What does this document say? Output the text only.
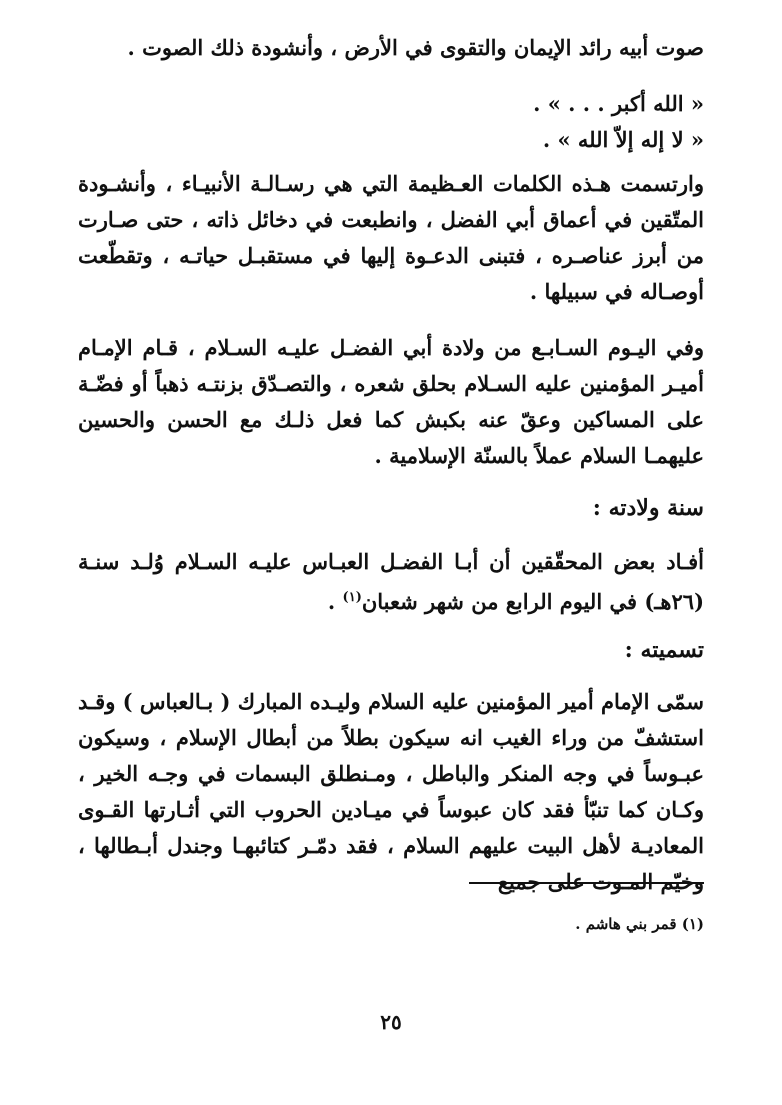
صوت أبيه رائد الإيمان والتقوى في الأرض ، وأنشودة ذلك الصوت .
« الله أكبر . . . » .
« لا إله إلاّ الله » .
وارتسمت هـذه الكلمات العـظيمة التي هي رسـالـة الأنبيـاء ، وأنشـودة المتّقين في أعماق أبي الفضل ، وانطبعت في دخائل ذاته ، حتى صـارت من أبرز عناصـره ، فتبنى الدعـوة إليها في مستقبـل حياتـه ، وتقطّعت أوصـاله في سبيلها .
وفي اليـوم السـابـع من ولادة أبي الفضـل عليـه السـلام ، قـام الإمـام أميـر المؤمنين عليه السـلام بحلق شعره ، والتصـدّق بزنتـه ذهباً أو فضّـة على المساكين وعقّ عنه بكبش كما فعل ذلـك مع الحسن والحسين عليهمـا السلام عملاً بالسنّة الإسلامية .
سنة ولادته :
أفـاد بعض المحقّقين أن أبـا الفضـل العبـاس عليـه السـلام وُلـد سنـة (٢٦هـ) في اليوم الرابع من شهر شعبان$^{(١)}$ .
تسميته :
سمّى الإمام أمير المؤمنين عليه السلام وليـده المبارك ( بـالعباس ) وقـد استشفّ من وراء الغيب انه سيكون بطلاً من أبطال الإسلام ، وسيكون عبـوساً في وجه المنكر والباطل ، ومـنطلق البسمات في وجـه الخير ، وكـان كما تنبّأ فقد كان عبوساً في ميـادين الحروب التي أثـارتها القـوى المعاديـة لأهل البيت عليهم السلام ، فقد دمّـر كتائبهـا وجندل أبـطالها ، وخيّم المـوت على جميع
(١) قمر بني هاشم .
٢٥
